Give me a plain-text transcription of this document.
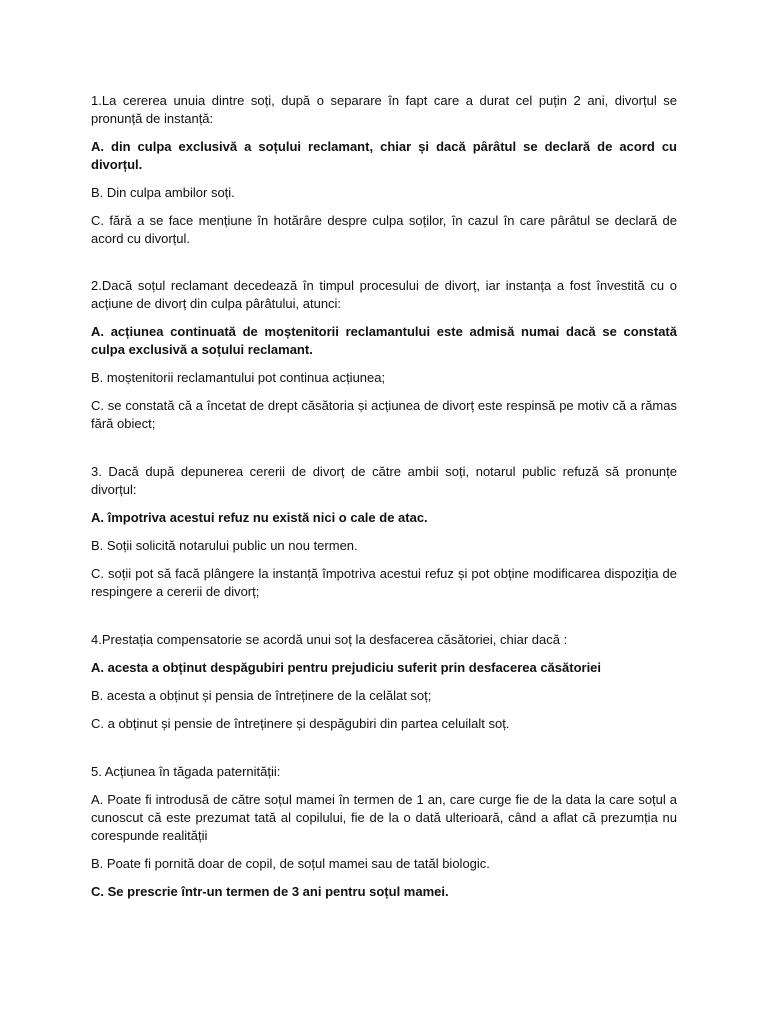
1.La cererea unuia dintre soți, după o separare în fapt care a durat cel puțin 2 ani, divorțul se pronunță de instanță:

A. din culpa exclusivă a soțului reclamant, chiar și dacă pârâtul se declară de acord cu divorțul.

B. Din culpa ambilor soți.

C. fără a se face mențiune în hotărâre despre culpa soților, în cazul în care pârâtul se declară de acord cu divorțul.

2.Dacă soțul reclamant decedează în timpul procesului de divorț, iar instanța a fost învestită cu o acțiune de divorț din culpa pârâtului, atunci:

A. acțiunea continuată de moștenitorii reclamantului este admisă numai dacă se constată culpa exclusivă a soțului reclamant.

B. moștenitorii reclamantului pot continua acțiunea;

C. se constată că a încetat de drept căsătoria și acțiunea de divorț este respinsă pe motiv că a rămas fără obiect;

3. Dacă după depunerea cererii de divorț de către ambii soți, notarul public refuză să pronunțe divorțul:

A. împotriva acestui refuz nu există nici o cale de atac.

B. Soții solicită notarului public un nou termen.

C. soții pot să facă plângere la instanță împotriva acestui refuz și pot obține modificarea dispoziția de respingere a cererii de divorț;

4.Prestația compensatorie se acordă unui soț la desfacerea căsătoriei, chiar dacă :

A. acesta a obținut despăgubiri pentru prejudiciu suferit prin desfacerea căsătoriei

B. acesta a obținut și pensia de întreținere de la celălat soț;

C. a obținut și pensie de întreținere și despăgubiri din partea celuilalt soț.

5. Acțiunea în tăgada paternității:

A. Poate fi introdusă de către soțul mamei în termen de 1 an, care curge fie de la data la care soțul a cunoscut că este prezumat tată al copilului, fie de la o dată ulterioară, când a aflat că prezumția nu corespunde realității

B. Poate fi pornită doar de copil, de soțul mamei sau de tatăl biologic.

C. Se prescrie într-un termen de 3 ani pentru soțul mamei.
